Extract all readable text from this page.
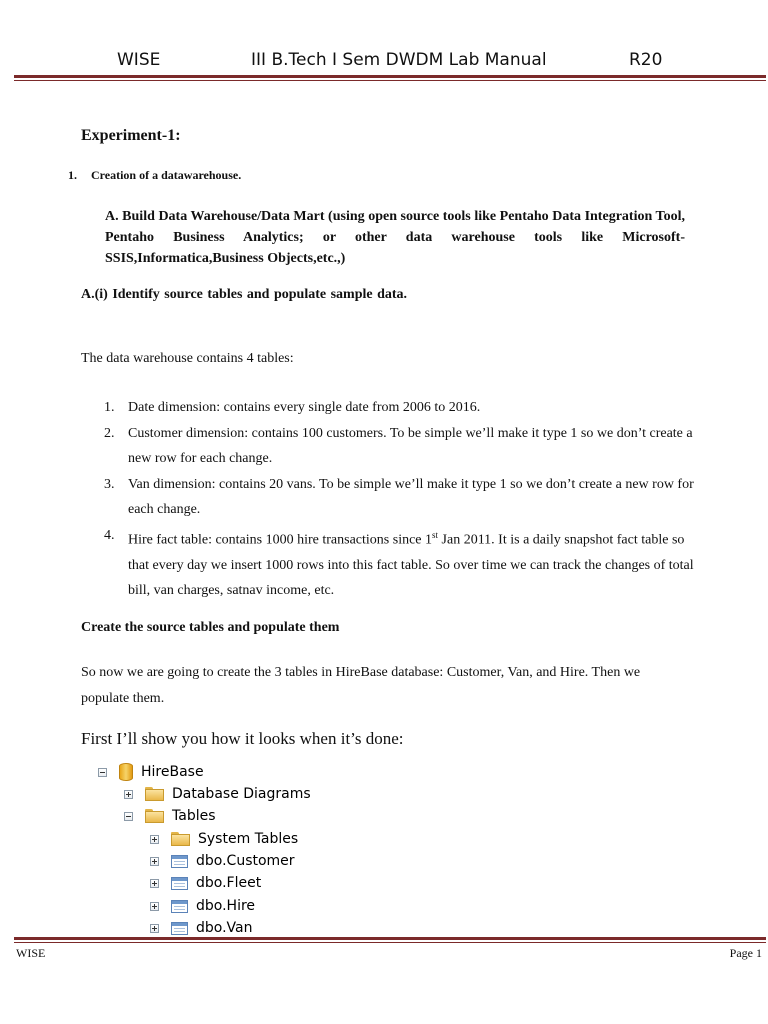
WISE	III B.Tech I Sem DWDM Lab Manual	R20
Experiment-1:
1. Creation of a datawarehouse.
A. Build Data Warehouse/Data Mart (using open source tools like Pentaho Data Integration Tool, Pentaho Business Analytics; or other data warehouse tools like Microsoft-SSIS,Informatica,Business Objects,etc.,)
A.(i) Identify source tables and populate sample data.
The data warehouse contains 4 tables:
1. Date dimension: contains every single date from 2006 to 2016.
2. Customer dimension: contains 100 customers. To be simple we’ll make it type 1 so we don’t create a new row for each change.
3. Van dimension: contains 20 vans. To be simple we’ll make it type 1 so we don’t create a new row for each change.
4. Hire fact table: contains 1000 hire transactions since 1st Jan 2011. It is a daily snapshot fact table so that every day we insert 1000 rows into this fact table. So over time we can track the changes of total bill, van charges, satnav income, etc.
Create the source tables and populate them
So now we are going to create the 3 tables in HireBase database: Customer, Van, and Hire. Then we populate them.
First I’ll show you how it looks when it’s done:
HireBase
Database Diagrams
Tables
System Tables
dbo.Customer
dbo.Fleet
dbo.Hire
dbo.Van
WISE	Page 1
